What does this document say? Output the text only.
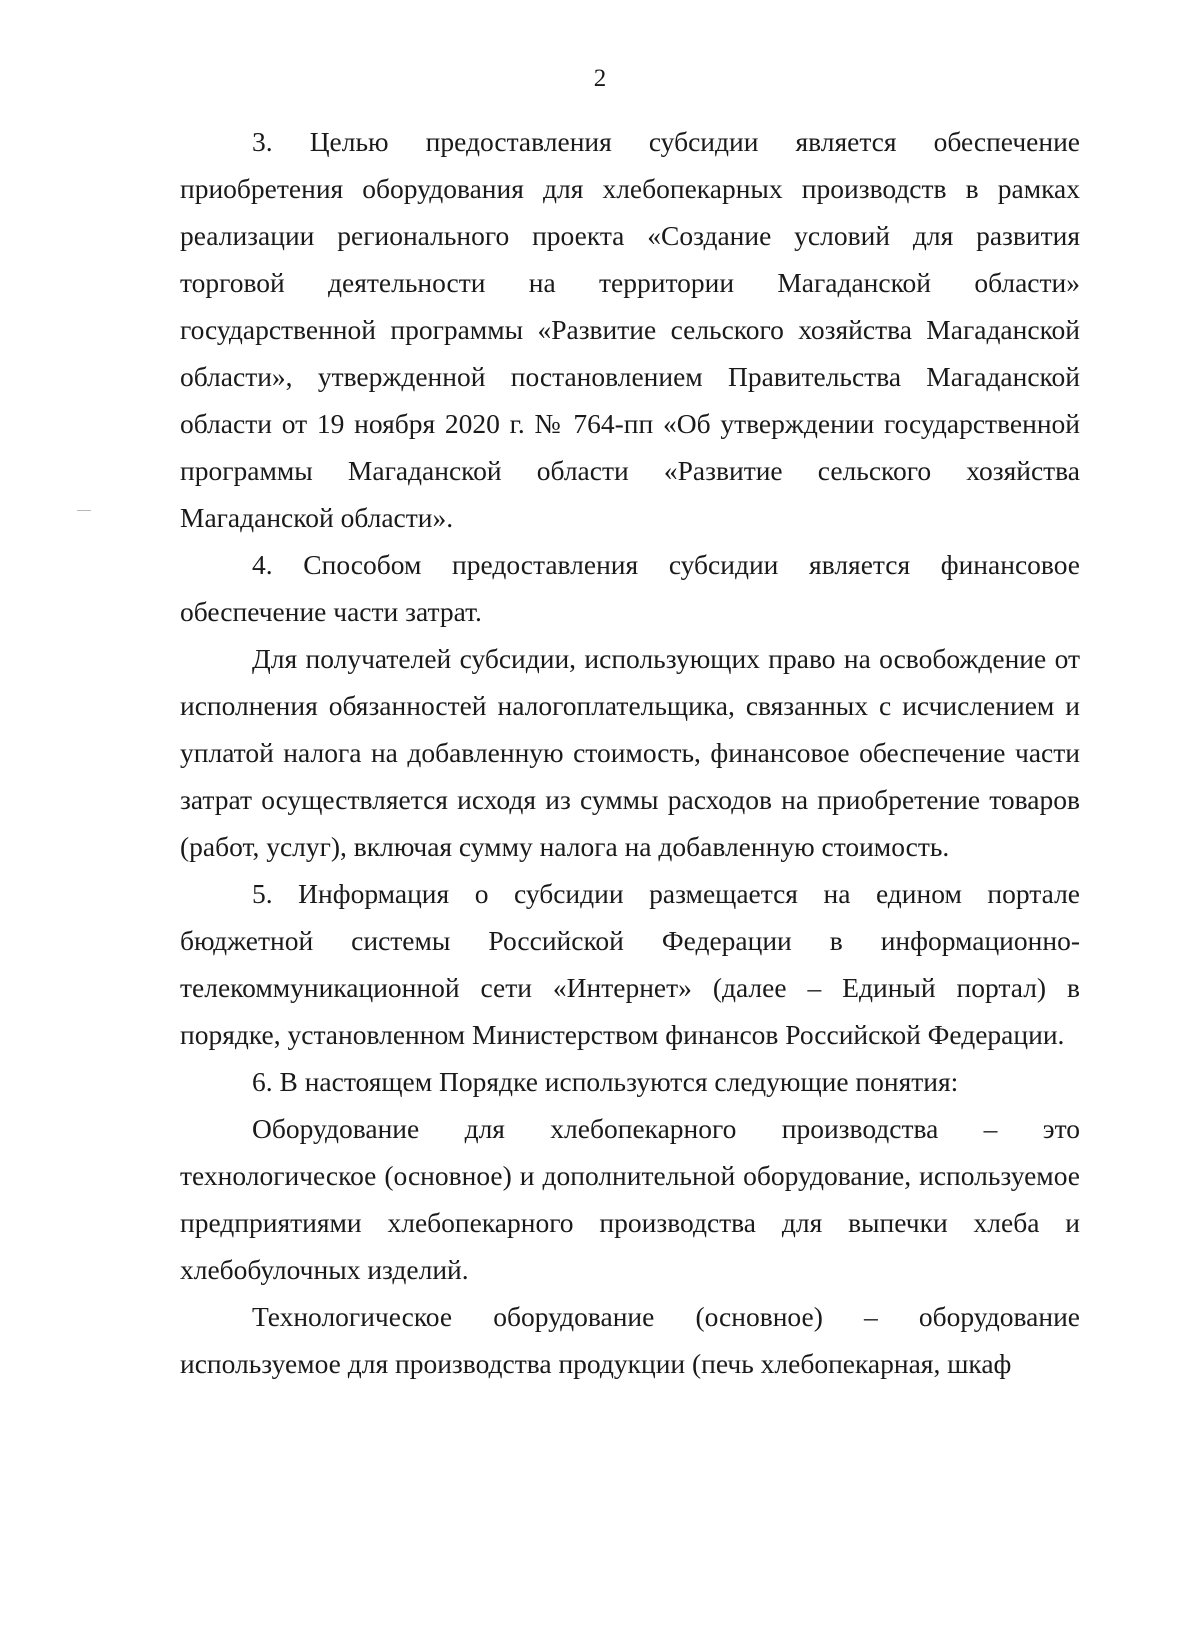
2

3. Целью предоставления субсидии является обеспечение приобретения оборудования для хлебопекарных производств в рамках реализации регионального проекта «Создание условий для развития торговой деятельности на территории Магаданской области» государственной программы «Развитие сельского хозяйства Магаданской области», утвержденной постановлением Правительства Магаданской области от 19 ноября 2020 г. № 764-пп «Об утверждении государственной программы Магаданской области «Развитие сельского хозяйства Магаданской области».

4. Способом предоставления субсидии является финансовое обеспечение части затрат.

Для получателей субсидии, использующих право на освобождение от исполнения обязанностей налогоплательщика, связанных с исчислением и уплатой налога на добавленную стоимость, финансовое обеспечение части затрат осуществляется исходя из суммы расходов на приобретение товаров (работ, услуг), включая сумму налога на добавленную стоимость.

5. Информация о субсидии размещается на едином портале бюджетной системы Российской Федерации в информационно-телекоммуникационной сети «Интернет» (далее – Единый портал) в порядке, установленном Министерством финансов Российской Федерации.

6. В настоящем Порядке используются следующие понятия:

Оборудование для хлебопекарного производства – это технологическое (основное) и дополнительной оборудование, используемое предприятиями хлебопекарного производства для выпечки хлеба и хлебобулочных изделий.

Технологическое оборудование (основное) – оборудование используемое для производства продукции (печь хлебопекарная, шкаф
